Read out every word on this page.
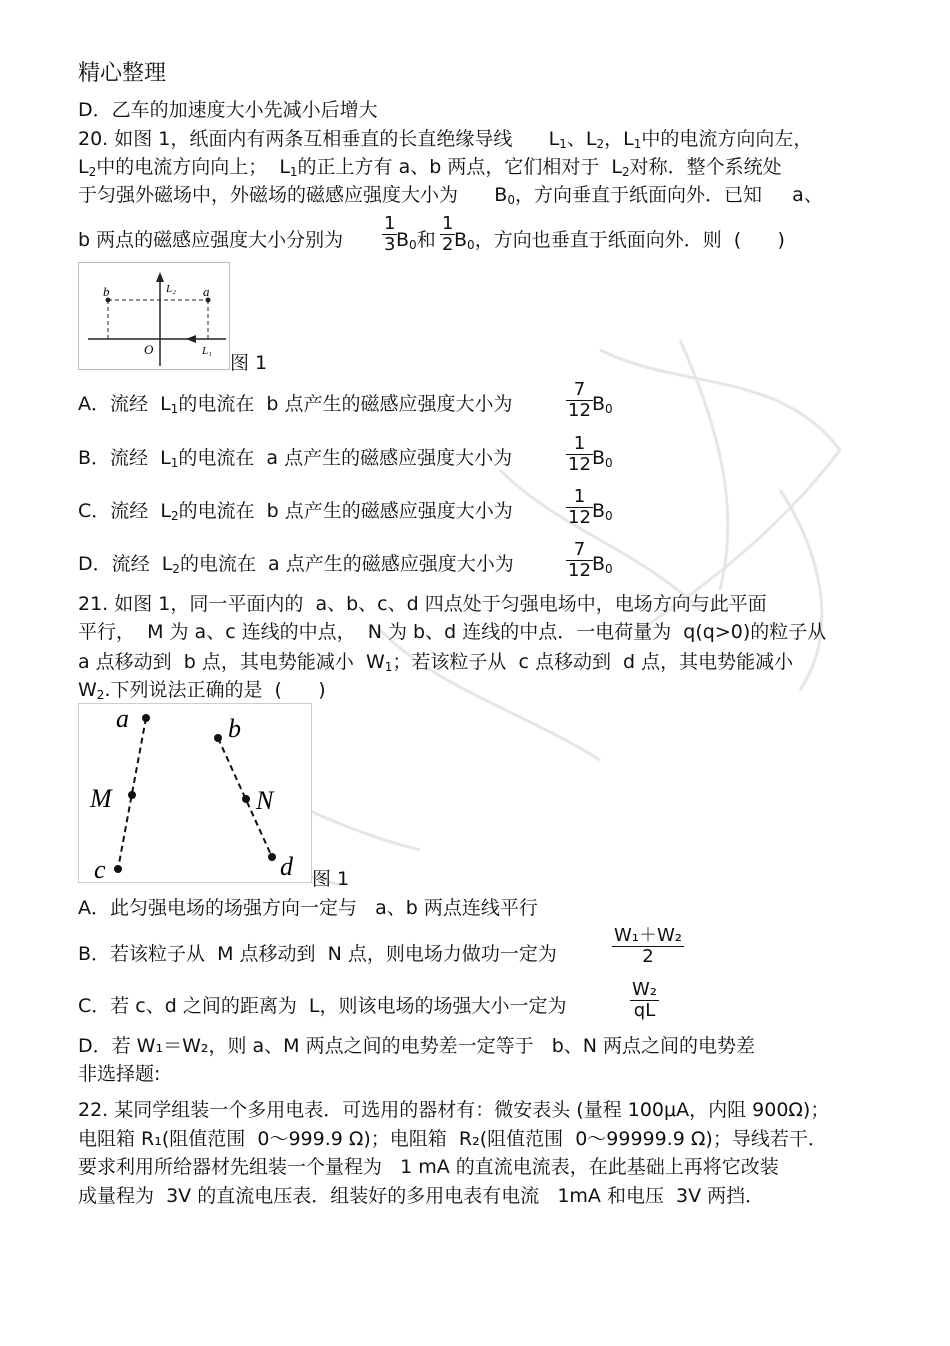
精心整理
D．乙车的加速度大小先减小后增大
20. 如图 1，纸面内有两条互相垂直的长直绝缘导线 $L_1$、$L_2$，$L_1$中的电流方向向左，
$L_2$中的电流方向向上；  $L_1$的正上方有 a、b 两点，它们相对于  $L_2$对称．整个系统处
于匀强外磁场中，外磁场的磁感应强度大小为 $B_0$，方向垂直于纸面向外．已知 a、
b 两点的磁感应强度大小分别为 $\frac{1}{3}$
$B_0$和 $\frac{1}{2}$
$B_0$，方向也垂直于纸面向外．则  ( )
b	a
L₂
L₁
O
图 1
A．流经  $L_1$的电流在  b 点产生的磁感应强度大小为	$\frac{7}{12} B_0$
B．流经  $L_1$的电流在  a 点产生的磁感应强度大小为	$\frac{1}{12} B_0$
C．流经  $L_2$的电流在  b 点产生的磁感应强度大小为	$\frac{1}{12} B_0$
D．流经  $L_2$的电流在  a 点产生的磁感应强度大小为	$\frac{7}{12} B_0$
21. 如图 1，同一平面内的  a、b、c、d 四点处于匀强电场中，电场方向与此平面
平行，  M 为 a、c 连线的中点，  N 为 b、d 连线的中点．一电荷量为  q(q>0)的粒子从
a 点移动到  b 点，其电势能减小  $W_1$；若该粒子从  c 点移动到  d 点，其电势能减小
$W_2$.下列说法正确的是  ( )
a	b
M	N
c	d 图 1
A．此匀强电场的场强方向一定与   a、b 两点连线平行
B．若该粒子从  M 点移动到  N 点，则电场力做功一定为	$\frac{\text{W₁＋W₂}}{2}$
C．若 c、d 之间的距离为  L，则该电场的场强大小一定为	$\frac{\text{W₂}}{qL}$
D．若 W₁＝W₂，则 a、M 两点之间的电势差一定等于   b、N 两点之间的电势差
非选择题:
22. 某同学组装一个多用电表．可选用的器材有：微安表头 (量程 100μA，内阻 900Ω)；
电阻箱 R₁(阻值范围  0～999.9 Ω)；电阻箱  R₂(阻值范围  0～99999.9 Ω)；导线若干．
要求利用所给器材先组装一个量程为   1 mA 的直流电流表，在此基础上再将它改装
成量程为  3V 的直流电压表．组装好的多用电表有电流   1mA 和电压  3V 两挡．
